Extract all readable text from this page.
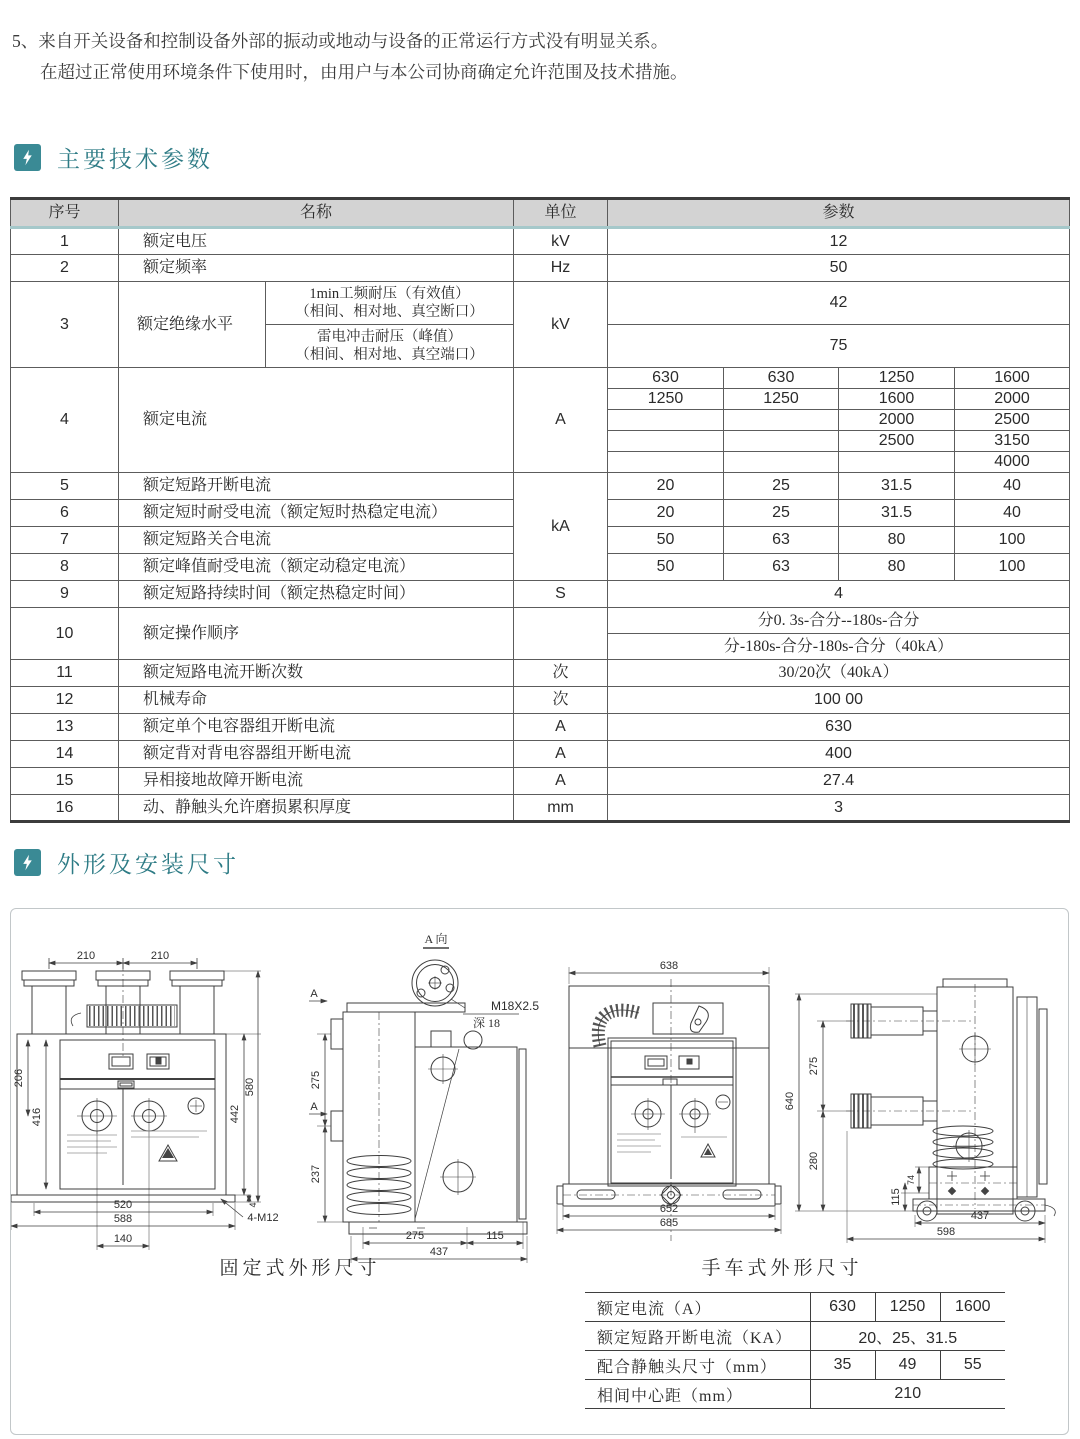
5、来自开关设备和控制设备外部的振动或地动与设备的正常运行方式没有明显关系。
在超过正常使用环境条件下使用时，由用户与本公司协商确定允许范围及技术措施。
主要技术参数
序号	名称		单位	参数			
1	额定电压		kV	12			
2	额定频率		Hz	50			
3	额定绝缘水平	1min工频耐压（有效值）
（相间、相对地、真空断口）	kV	42			

		雷电冲击耐压（峰值）
（相间、相对地、真空端口）		75			
4	额定电流		A	630	630	1250	1600
				1250	1250	1600	2000
						2000	2500
						2500	3150
							4000
5	额定短路开断电流		kA	20	25	31.5	40
6	额定短时耐受电流（额定短时热稳定电流）			20	25	31.5	40
7	额定短路关合电流			50	63	80	100
8	额定峰值耐受电流（额定动稳定电流）			50	63	80	100
9	额定短路持续时间（额定热稳定时间）		S	4			
10	额定操作顺序			分0. 3s-合分--180s-合分			
				分-180s-合分-180s-合分（40kA）			
11	额定短路电流开断次数		次	30/20次（40kA）			
12	机械寿命		次	100 00			
13	额定单个电容器组开断电流		A	630			
14	额定背对背电容器组开断电流		A	400			
15	异相接地故障开断电流		A	27.4			
16	动、静触头允许磨损累积厚度		mm	3			
外形及安装尺寸
210	210
206
416	442
580
4
520
588
140
4-M12
A 向
M18X2.5
深 18
A
A
275
237
275	115
437
638
652
685
640
275
280
74
115
437
598
固定式外形尺寸	手车式外形尺寸
额定电流（A）	630	1250	1600
额定短路开断电流（KA）	20、25、31.5		
配合静触头尺寸（mm）	35	49	55
相间中心距（mm）	210		
